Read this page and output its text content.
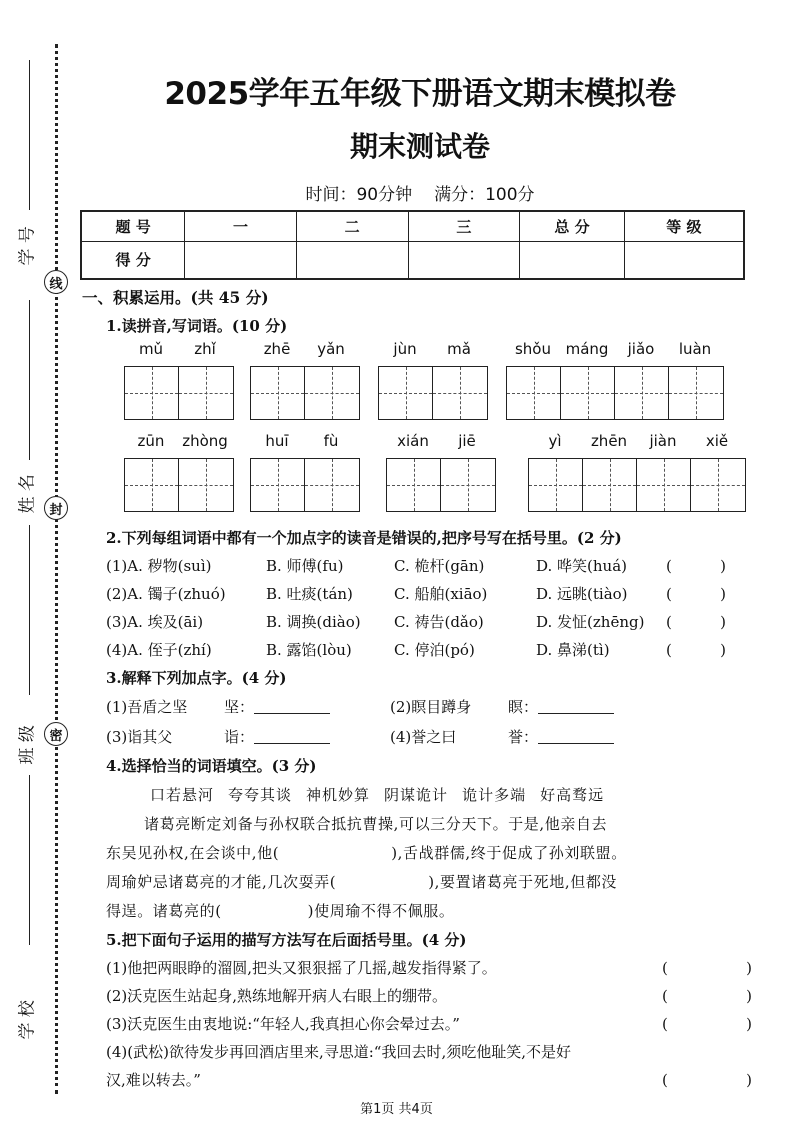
学 号
线
姓 名 封
班 级 密
学 校
2025学年五年级下册语文期末模拟卷
期末测试卷
时间：90分钟 满分：100分
题 号	一	二	三	总 分	等 级
得 分					
一、积累运用。(共 45 分)
1.读拼音,写词语。(10 分)
mǔ	zhǐ	zhē	yǎn	jùn	mǎ	shǒu máng	jiǎo	luàn
zūn	zhòng	huī	fù	xián	jiē	yì	zhēn	jiàn	xiě
2.下列每组词语中都有一个加点字的读音是错误的,把序号写在括号里。(2 分)
(1)A. 秽物(suì)	B. 师傅(fu)	C. 桅杆(gān)	D. 哗笑(huá)	(	)
(2)A. 镯子(zhuó)	B. 吐痰(tán)	C. 船舶(xiāo)	D. 远眺(tiào)	(	)
(3)A. 埃及(āi)	B. 调换(diào)	C. 祷告(dǎo)	D. 发怔(zhēng)	(	)
(4)A. 侄子(zhí)	B. 露馅(lòu)	C. 停泊(pó)	D. 鼻涕(tì)	(	)
3.解释下列加点字。(4 分)
(1)吾盾之坚	坚：	(2)瞑目蹲身	瞑：
(3)诣其父	诣：	(4)誉之曰	誉：
4.选择恰当的词语填空。(3 分)
口若悬河 夸夸其谈 神机妙算 阴谋诡计 诡计多端 好高骛远
诸葛亮断定刘备与孙权联合抵抗曹操,可以三分天下。于是,他亲自去
东吴见孙权,在会谈中,他(	),舌战群儒,终于促成了孙刘联盟。
周瑜妒忌诸葛亮的才能,几次耍弄(	),要置诸葛亮于死地,但都没
得逞。诸葛亮的(	)使周瑜不得不佩服。
5.把下面句子运用的描写方法写在后面括号里。(4 分)
(1)他把两眼睁的溜圆,把头又狠狠摇了几摇,越发指得紧了。	(	)
(2)沃克医生站起身,熟练地解开病人右眼上的绷带。	(	)
(3)沃克医生由衷地说:“年轻人,我真担心你会晕过去。”	(	)
(4)(武松)欲待发步再回酒店里来,寻思道:“我回去时,须吃他耻笑,不是好
汉,难以转去。”	(	)
第1页 共4页
